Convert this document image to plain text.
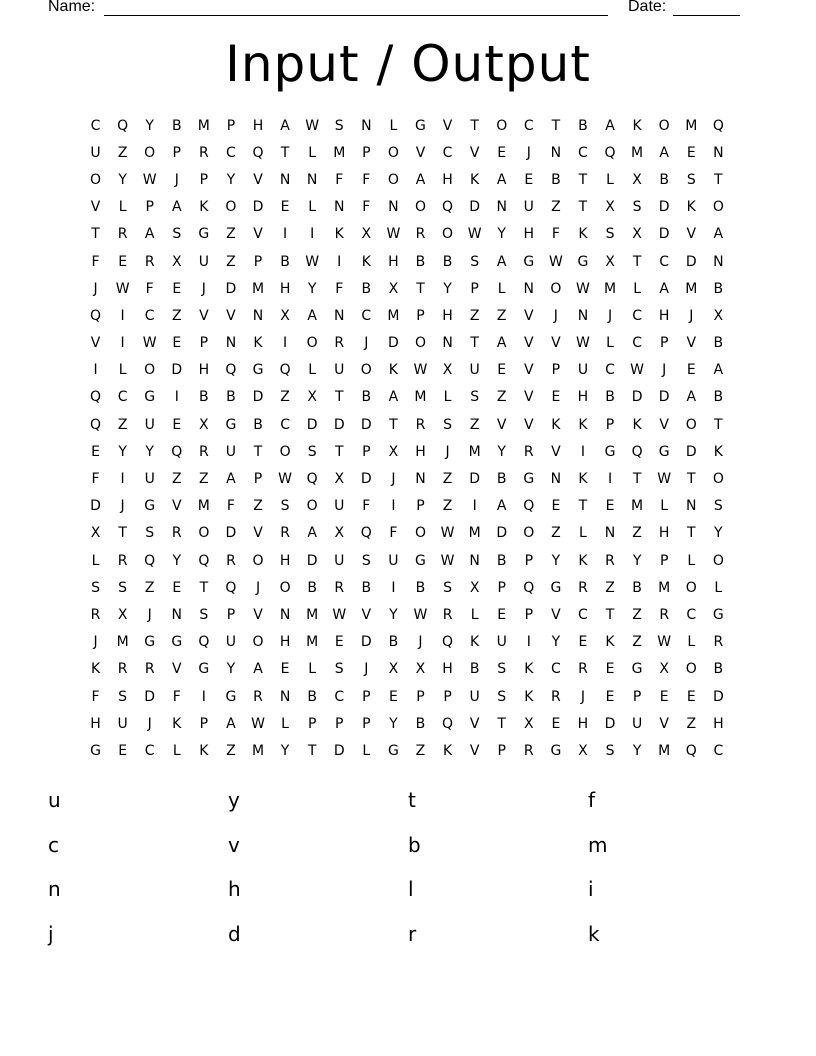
Name:	Date:
Input / Output
C	Q	Y	B	M	P	H	A	W	S	N	L	G	V	T	O	C	T	B	A	K	O	M	Q
U	Z	O	P	R	C	Q	T	L	M	P	O	V	C	V	E	J	N	C	Q	M	A	E	N
O	Y	W	J	P	Y	V	N	N	F	F	O	A	H	K	A	E	B	T	L	X	B	S	T
V	L	P	A	K	O	D	E	L	N	F	N	O	Q	D	N	U	Z	T	X	S	D	K	O
T	R	A	S	G	Z	V	I	I	K	X	W	R	O	W	Y	H	F	K	S	X	D	V	A
F	E	R	X	U	Z	P	B	W	I	K	H	B	B	S	A	G	W	G	X	T	C	D	N
J	W	F	E	J	D	M	H	Y	F	B	X	T	Y	P	L	N	O	W	M	L	A	M	B
Q	I	C	Z	V	V	N	X	A	N	C	M	P	H	Z	Z	V	J	N	J	C	H	J	X
V	I	W	E	P	N	K	I	O	R	J	D	O	N	T	A	V	V	W	L	C	P	V	B
I	L	O	D	H	Q	G	Q	L	U	O	K	W	X	U	E	V	P	U	C	W	J	E	A
Q	C	G	I	B	B	D	Z	X	T	B	A	M	L	S	Z	V	E	H	B	D	D	A	B
Q	Z	U	E	X	G	B	C	D	D	D	T	R	S	Z	V	V	K	K	P	K	V	O	T
E	Y	Y	Q	R	U	T	O	S	T	P	X	H	J	M	Y	R	V	I	G	Q	G	D	K
F	I	U	Z	Z	A	P	W	Q	X	D	J	N	Z	D	B	G	N	K	I	T	W	T	O
D	J	G	V	M	F	Z	S	O	U	F	I	P	Z	I	A	Q	E	T	E	M	L	N	S
X	T	S	R	O	D	V	R	A	X	Q	F	O	W	M	D	O	Z	L	N	Z	H	T	Y
L	R	Q	Y	Q	R	O	H	D	U	S	U	G	W	N	B	P	Y	K	R	Y	P	L	O
S	S	Z	E	T	Q	J	O	B	R	B	I	B	S	X	P	Q	G	R	Z	B	M	O	L
R	X	J	N	S	P	V	N	M	W	V	Y	W	R	L	E	P	V	C	T	Z	R	C	G
J	M	G	G	Q	U	O	H	M	E	D	B	J	Q	K	U	I	Y	E	K	Z	W	L	R
K	R	R	V	G	Y	A	E	L	S	J	X	X	H	B	S	K	C	R	E	G	X	O	B
F	S	D	F	I	G	R	N	B	C	P	E	P	P	U	S	K	R	J	E	P	E	E	D
H	U	J	K	P	A	W	L	P	P	P	Y	B	Q	V	T	X	E	H	D	U	V	Z	H
G	E	C	L	K	Z	M	Y	T	D	L	G	Z	K	V	P	R	G	X	S	Y	M	Q	C
u	y	t	f
c	v	b	m
n	h	l	i
j	d	r	k
